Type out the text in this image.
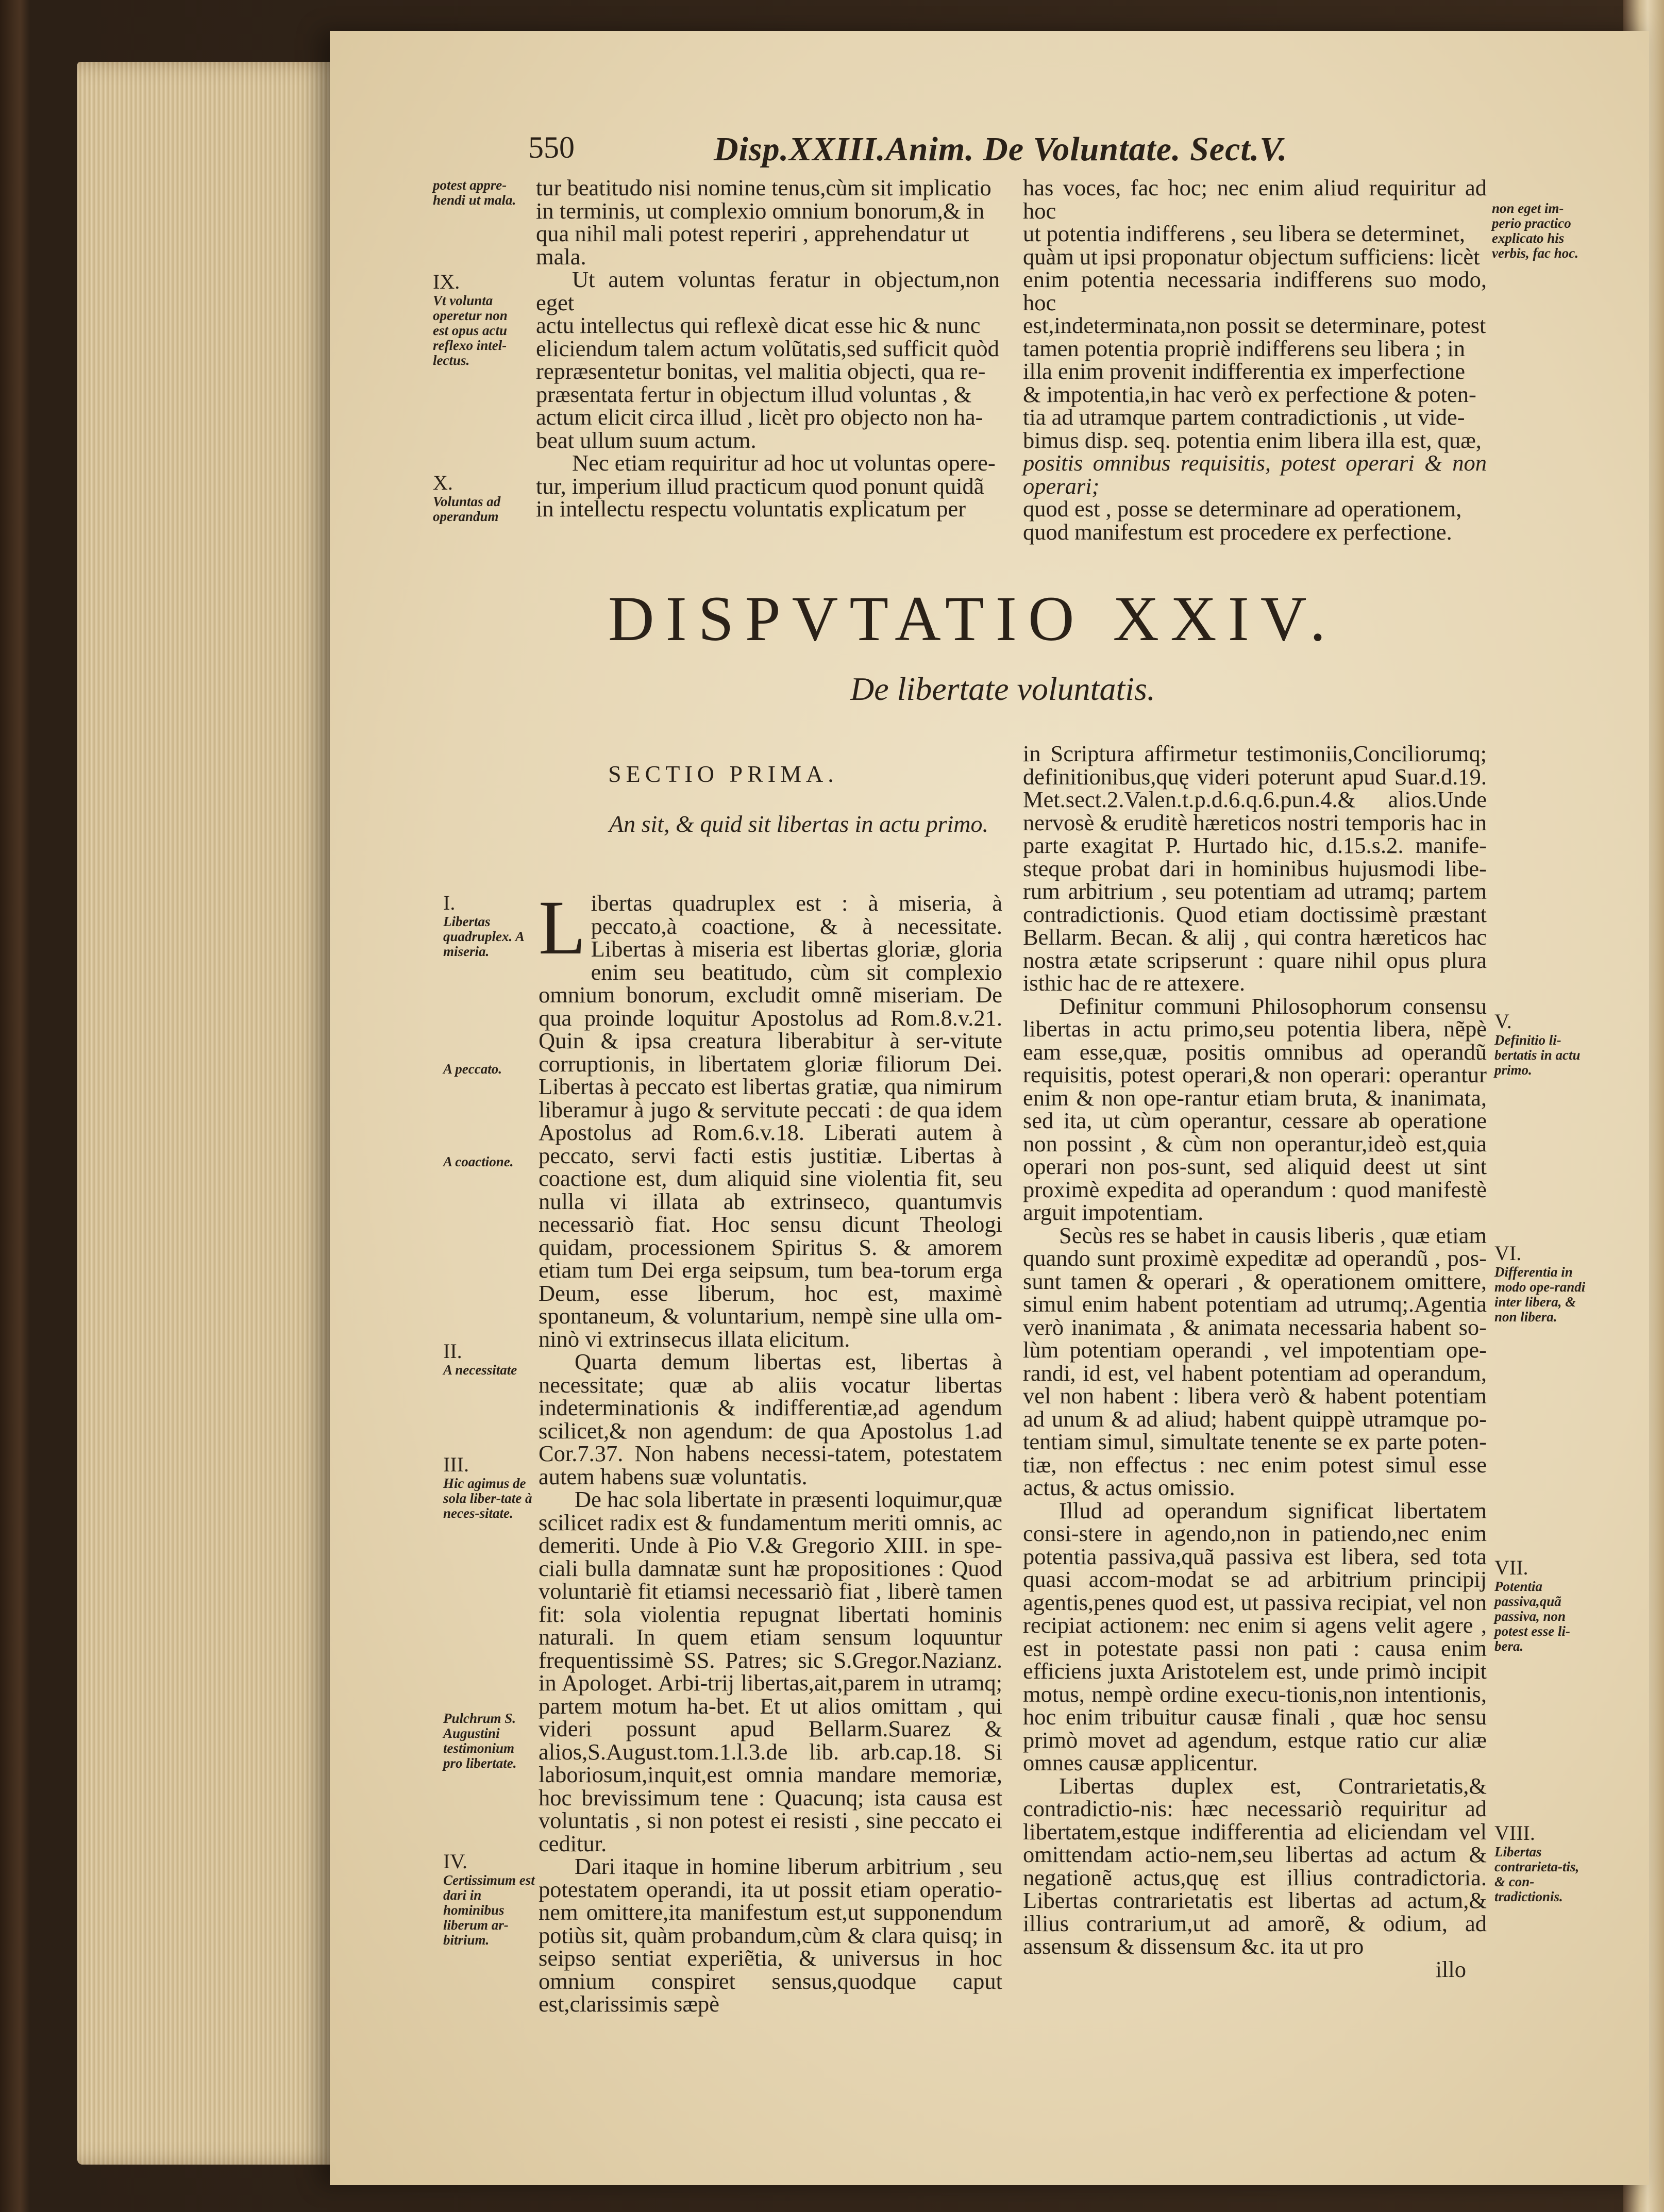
550	Disp.XXIII.Anim. De Voluntate. Sect.V.
tur beatitudo nisi nomine tenus,cùm sit implicatio
in terminis, ut complexio omnium bonorum,& in
qua nihil mali potest reperiri , apprehendatur ut
mala.
Ut autem voluntas feratur in objectum,non eget
actu intellectus qui reflexè dicat esse hic & nunc
eliciendum talem actum volũtatis,sed sufficit quòd
repræsentetur bonitas, vel malitia objecti, qua re-
præsentata fertur in objectum illud voluntas , &
actum elicit circa illud , licèt pro objecto non ha-
beat ullum suum actum.
Nec etiam requiritur ad hoc ut voluntas opere-
tur, imperium illud practicum quod ponunt quidã
in intellectu respectu voluntatis explicatum per
potest appre-hendi ut mala.
IX.
Vt volunta operetur non est opus actu reflexo intel-lectus.
X.
Voluntas ad operandum
has voces, fac hoc; nec enim aliud requiritur ad hoc
ut potentia indifferens , seu libera se determinet,
quàm ut ipsi proponatur objectum sufficiens: licèt
enim potentia necessaria indifferens suo modo, hoc
est,indeterminata,non possit se determinare, potest
tamen potentia propriè indifferens seu libera ; in
illa enim provenit indifferentia ex imperfectione
& impotentia,in hac verò ex perfectione & poten-
tia ad utramque partem contradictionis , ut vide-
bimus disp. seq. potentia enim libera illa est, quæ,
positis omnibus requisitis, potest operari & non operari;
quod est , posse se determinare ad operationem,
quod manifestum est procedere ex perfectione.
non eget im-perio practico explicato his verbis, fac hoc.
DISPVTATIO XXIV.
De libertate voluntatis.
SECTIO PRIMA.
An sit, & quid sit libertas in actu primo.

Libertas quadruplex est : à miseria, à peccato,à coactione, & à necessitate. Libertas à miseria est libertas gloriæ, gloria enim seu beatitudo, cùm sit complexio omnium bonorum, excludit omnẽ miseriam. De qua proinde loquitur Apostolus ad Rom.8.v.21. Quin & ipsa creatura liberabitur à ser-vitute corruptionis, in libertatem gloriæ filiorum Dei. Libertas à peccato est libertas gratiæ, qua nimirum liberamur à jugo & servitute peccati : de qua idem Apostolus ad Rom.6.v.18. Liberati autem à peccato, servi facti estis justitiæ. Libertas à coactione est, dum aliquid sine violentia fit, seu nulla vi illata ab extrinseco, quantumvis necessariò fiat. Hoc sensu dicunt Theologi quidam, processionem Spiritus S. & amorem etiam tum Dei erga seipsum, tum bea-torum erga Deum, esse liberum, hoc est, maximè spontaneum, & voluntarium, nempè sine ulla om-ninò vi extrinsecus illata elicitum.

Quarta demum libertas est, libertas à necessitate; quæ ab aliis vocatur libertas indeterminationis & indifferentiæ,ad agendum scilicet,& non agendum: de qua Apostolus 1.ad Cor.7.37. Non habens necessi-tatem, potestatem autem habens suæ voluntatis.

De hac sola libertate in præsenti loquimur,quæ scilicet radix est & fundamentum meriti omnis, ac demeriti. Unde à Pio V.& Gregorio XIII. in spe-ciali bulla damnatæ sunt hæ propositiones : Quod voluntariè fit etiamsi necessariò fiat , liberè tamen fit: sola violentia repugnat libertati hominis naturali. In quem etiam sensum loquuntur frequentissimè SS. Patres; sic S.Gregor.Nazianz. in Apologet. Arbi-trij libertas,ait,parem in utramq; partem motum ha-bet. Et ut alios omittam , qui videri possunt apud Bellarm.Suarez & alios,S.August.tom.1.l.3.de lib. arb.cap.18. Si laboriosum,inquit,est omnia mandare memoriæ, hoc brevissimum tene : Quacunq; ista causa est voluntatis , si non potest ei resisti , sine peccato ei ceditur.

Dari itaque in homine liberum arbitrium , seu potestatem operandi, ita ut possit etiam operatio-nem omittere,ita manifestum est,ut supponendum potiùs sit, quàm probandum,cùm & clara quisq; in seipso sentiat experiẽtia, & universus in hoc omnium conspiret sensus,quodque caput est,clarissimis sæpè

I.
Libertas quadruplex. A miseria.
A peccato.
A coactione.
II.
A necessitate
III.
Hic agimus de sola liber-tate à neces-sitate.
Pulchrum S. Augustini testimonium pro libertate.
IV.
Certissimum est dari in hominibus liberum ar-bitrium.

in Scriptura affirmetur testimoniis,Conciliorumq; definitionibus,quę videri poterunt apud Suar.d.19. Met.sect.2.Valen.t.p.d.6.q.6.pun.4.& alios.Unde nervosè & eruditè hæreticos nostri temporis hac in parte exagitat P. Hurtado hic, d.15.s.2. manife-steque probat dari in hominibus hujusmodi libe-rum arbitrium , seu potentiam ad utramq; partem contradictionis. Quod etiam doctissimè præstant Bellarm. Becan. & alij , qui contra hæreticos hac nostra ætate scripserunt : quare nihil opus plura isthic hac de re attexere.

Definitur communi Philosophorum consensu libertas in actu primo,seu potentia libera, nẽpè eam esse,quæ, positis omnibus ad operandũ requisitis, potest operari,& non operari: operantur enim & non ope-rantur etiam bruta, & inanimata, sed ita, ut cùm operantur, cessare ab operatione non possint , & cùm non operantur,ideò est,quia operari non pos-sunt, sed aliquid deest ut sint proximè expedita ad operandum : quod manifestè arguit impotentiam.

Secùs res se habet in causis liberis , quæ etiam quando sunt proximè expeditæ ad operandũ , pos-sunt tamen & operari , & operationem omittere, simul enim habent potentiam ad utrumq;.Agentia verò inanimata , & animata necessaria habent so-lùm potentiam operandi , vel impotentiam ope-randi, id est, vel habent potentiam ad operandum, vel non habent : libera verò & habent potentiam ad unum & ad aliud; habent quippè utramque po-tentiam simul, simultate tenente se ex parte poten-tiæ, non effectus : nec enim potest simul esse actus, & actus omissio.

Illud ad operandum significat libertatem consi-stere in agendo,non in patiendo,nec enim potentia passiva,quã passiva est libera, sed tota quasi accom-modat se ad arbitrium principij agentis,penes quod est, ut passiva recipiat, vel non recipiat actionem: nec enim si agens velit agere , est in potestate passi non pati : causa enim efficiens juxta Aristotelem est, unde primò incipit motus, nempè ordine execu-tionis,non intentionis, hoc enim tribuitur causæ finali , quæ hoc sensu primò movet ad agendum, estque ratio cur aliæ omnes causæ applicentur.

Libertas duplex est, Contrarietatis,& contradictio-nis: hæc necessariò requiritur ad libertatem,estque indifferentia ad eliciendam vel omittendam actio-nem,seu libertas ad actum & negationẽ actus,quę est illius contradictoria. Libertas contrarietatis est libertas ad actum,& illius contrarium,ut ad amorẽ, & odium, ad assensum & dissensum &c. ita ut pro

illo

V.
Definitio li-bertatis in actu primo.
VI.
Differentia in modo ope-randi inter libera, & non libera.
VII.
Potentia passiva,quã passiva, non potest esse li-bera.
VIII.
Libertas contrarieta-tis, & con-tradictionis.
